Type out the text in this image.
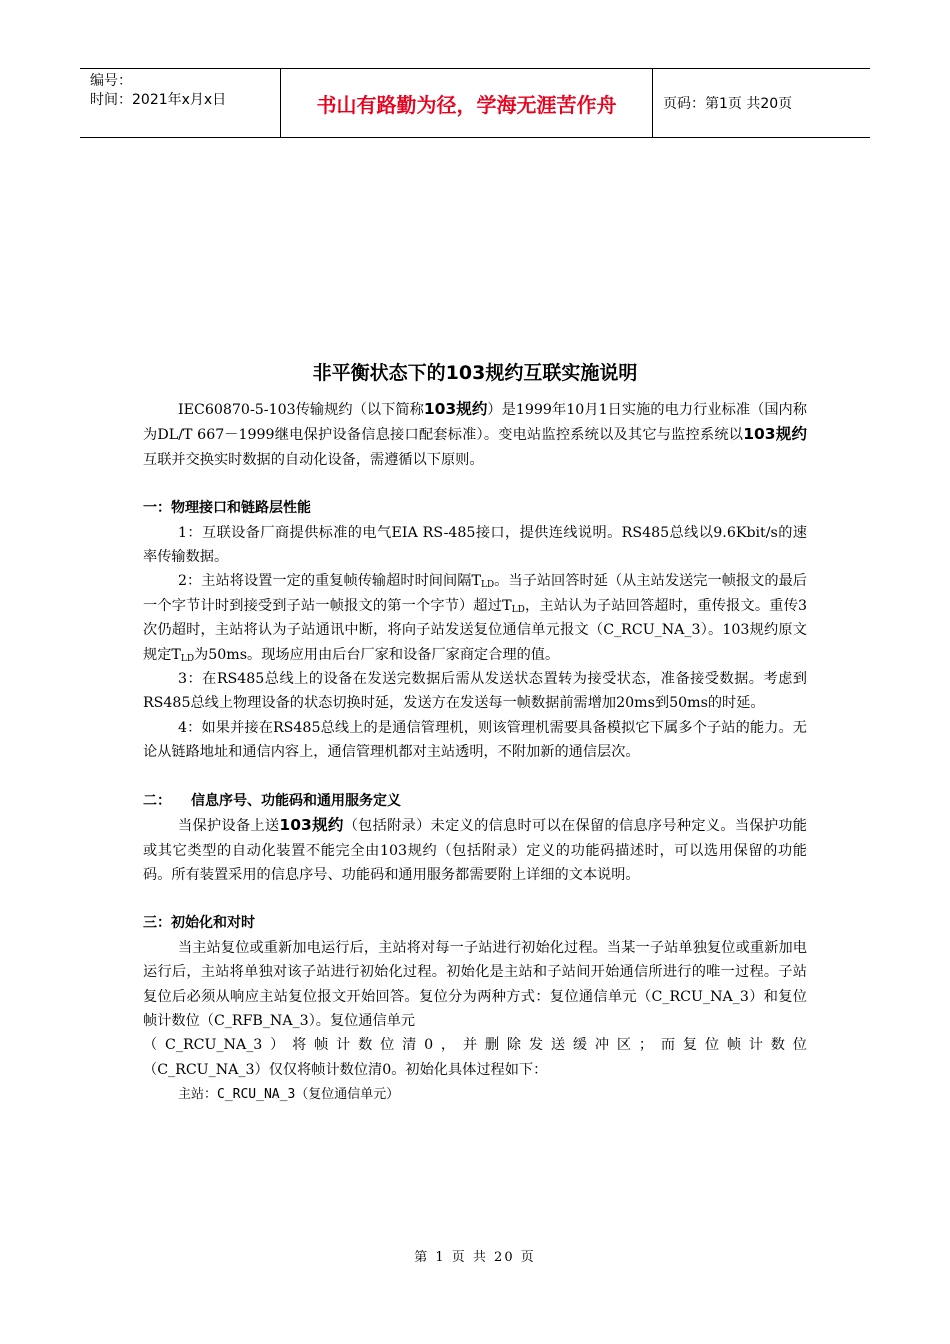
编号：
时间：2021年x月x日	书山有路勤为径，学海无涯苦作舟	页码：第1页 共20页
非平衡状态下的103规约互联实施说明

IEC60870-5-103传输规约（以下简称103规约）是1999年10月1日实施的电力行业标准（国内称为DL/T 667－1999继电保护设备信息接口配套标准）。变电站监控系统以及其它与监控系统以103规约互联并交换实时数据的自动化设备，需遵循以下原则。

一：物理接口和链路层性能

1：互联设备厂商提供标准的电气EIA RS-485接口，提供连线说明。RS485总线以9.6Kbit/s的速率传输数据。

2：主站将设置一定的重复帧传输超时时间间隔$T_{LD}$。当子站回答时延（从主站发送完一帧报文的最后一个字节计时到接受到子站一帧报文的第一个字节）超过$T_{LD}$，主站认为子站回答超时，重传报文。重传3次仍超时，主站将认为子站通讯中断，将向子站发送复位通信单元报文（C_RCU_NA_3）。103规约原文规定$T_{LD}$为50ms。现场应用由后台厂家和设备厂家商定合理的值。

3：在RS485总线上的设备在发送完数据后需从发送状态置转为接受状态，准备接受数据。考虑到RS485总线上物理设备的状态切换时延，发送方在发送每一帧数据前需增加20ms到50ms的时延。

4：如果并接在RS485总线上的是通信管理机，则该管理机需要具备模拟它下属多个子站的能力。无论从链路地址和通信内容上，通信管理机都对主站透明，不附加新的通信层次。

二： 信息序号、功能码和通用服务定义

当保护设备上送103规约（包括附录）未定义的信息时可以在保留的信息序号种定义。当保护功能或其它类型的自动化装置不能完全由103规约（包括附录）定义的功能码描述时，可以选用保留的功能码。所有装置采用的信息序号、功能码和通用服务都需要附上详细的文本说明。

三：初始化和对时

当主站复位或重新加电运行后，主站将对每一子站进行初始化过程。当某一子站单独复位或重新加电运行后，主站将单独对该子站进行初始化过程。初始化是主站和子站间开始通信所进行的唯一过程。子站复位后必须从响应主站复位报文开始回答。复位分为两种方式：复位通信单元（C_RCU_NA_3）和复位帧计数位（C_RFB_NA_3）。复位通信单元

（C_RCU_NA_3）将帧计数位清0，并删除发送缓冲区；而复位帧计数位

（C_RCU_NA_3）仅仅将帧计数位清0。初始化具体过程如下：

主站：C_RCU_NA_3（复位通信单元）

第 1 页 共 20 页
